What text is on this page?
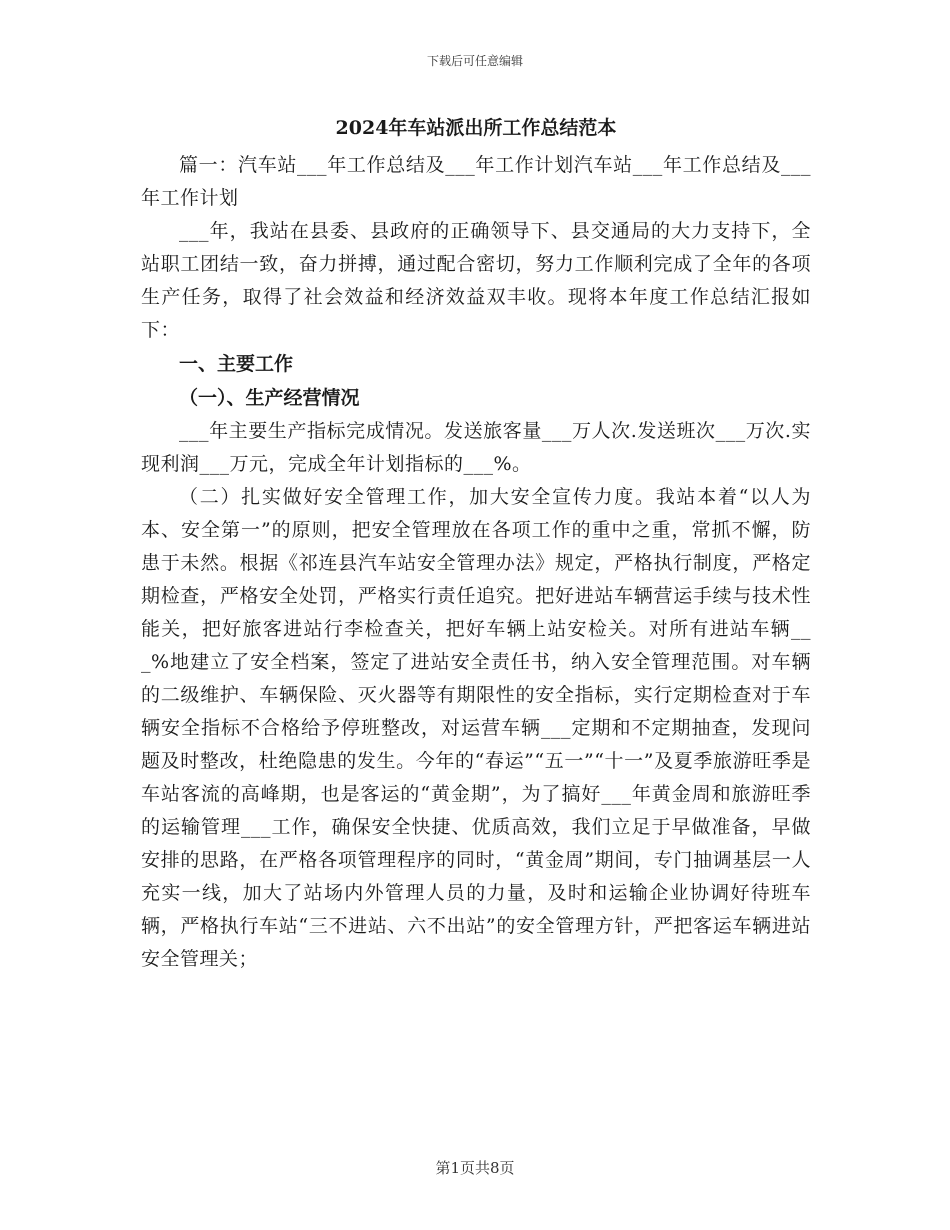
下载后可任意编辑
2024年车站派出所工作总结范本

篇一：汽车站___年工作总结及___年工作计划汽车站___年工作总结及___年工作计划

___年，我站在县委、县政府的正确领导下、县交通局的大力支持下，全站职工团结一致，奋力拼搏，通过配合密切，努力工作顺利完成了全年的各项生产任务，取得了社会效益和经济效益双丰收。现将本年度工作总结汇报如下：

一、主要工作

（一）、生产经营情况

___年主要生产指标完成情况。发送旅客量___万人次.发送班次___万次.实现利润___万元，完成全年计划指标的___%。

（二）扎实做好安全管理工作，加大安全宣传力度。我站本着“以人为本、安全第一”的原则，把安全管理放在各项工作的重中之重，常抓不懈，防患于未然。根据《祁连县汽车站安全管理办法》规定，严格执行制度，严格定期检查，严格安全处罚，严格实行责任追究。把好进站车辆营运手续与技术性能关，把好旅客进站行李检查关，把好车辆上站安检关。对所有进站车辆___%地建立了安全档案，签定了进站安全责任书，纳入安全管理范围。对车辆的二级维护、车辆保险、灭火器等有期限性的安全指标，实行定期检查对于车辆安全指标不合格给予停班整改，对运营车辆___定期和不定期抽查，发现问题及时整改，杜绝隐患的发生。今年的“春运”“五一”“十一”及夏季旅游旺季是车站客流的高峰期，也是客运的“黄金期”，为了搞好___年黄金周和旅游旺季的运输管理___工作，确保安全快捷、优质高效，我们立足于早做准备，早做安排的思路，在严格各项管理程序的同时，“黄金周”期间，专门抽调基层一人充实一线，加大了站场内外管理人员的力量，及时和运输企业协调好待班车辆，严格执行车站“三不进站、六不出站”的安全管理方针，严把客运车辆进站安全管理关；

第1页共8页
